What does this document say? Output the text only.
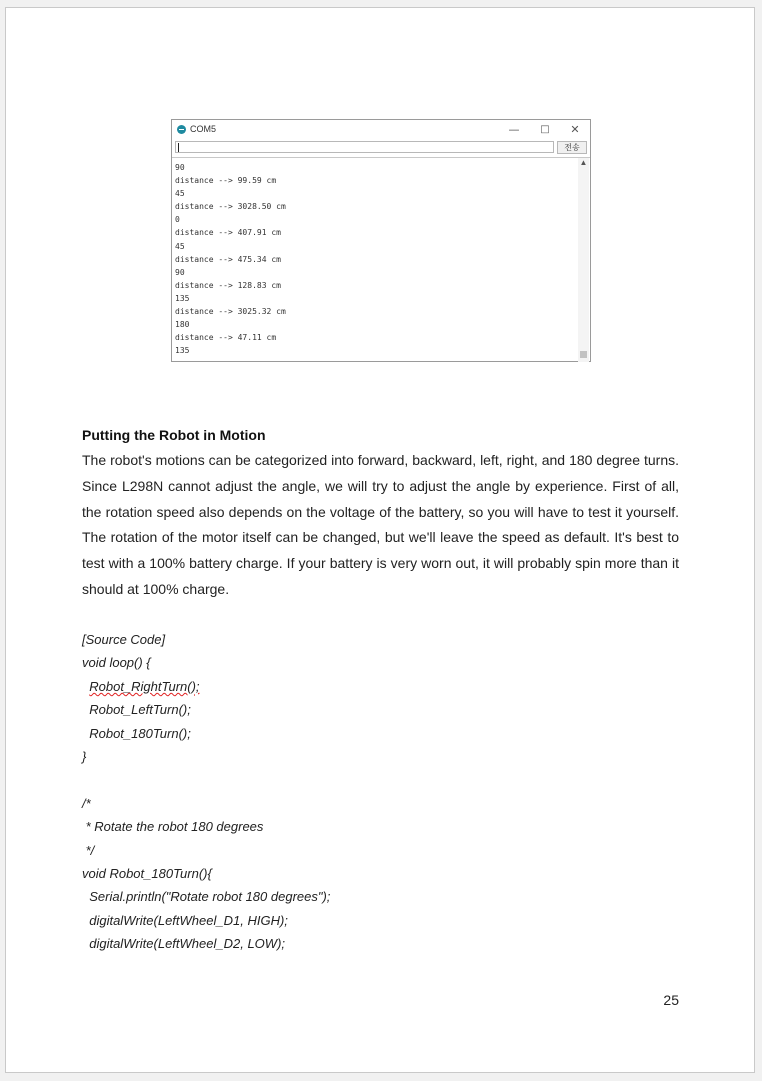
COM5	—	□	✕
전송
90
distance --> 99.59 cm
45
distance --> 3028.50 cm
0
distance --> 407.91 cm
45
distance --> 475.34 cm
90
distance --> 128.83 cm
135
distance --> 3025.32 cm
180
distance --> 47.11 cm
135
▲
Putting the Robot in Motion

The robot's motions can be categorized into forward, backward, left, right, and 180 degree turns. Since L298N cannot adjust the angle, we will try to adjust the angle by experience. First of all, the rotation speed also depends on the voltage of the battery, so you will have to test it yourself. The rotation of the motor itself can be changed, but we'll leave the speed as default. It's best to test with a 100% battery charge. If your battery is very worn out, it will probably spin more than it should at 100% charge.

[Source Code]
void loop() {
Robot_RightTurn();
Robot_LeftTurn();
Robot_180Turn();
}
/*
* Rotate the robot 180 degrees
*/
void Robot_180Turn(){
Serial.println("Rotate robot 180 degrees");
digitalWrite(LeftWheel_D1, HIGH);
digitalWrite(LeftWheel_D2, LOW);
25
